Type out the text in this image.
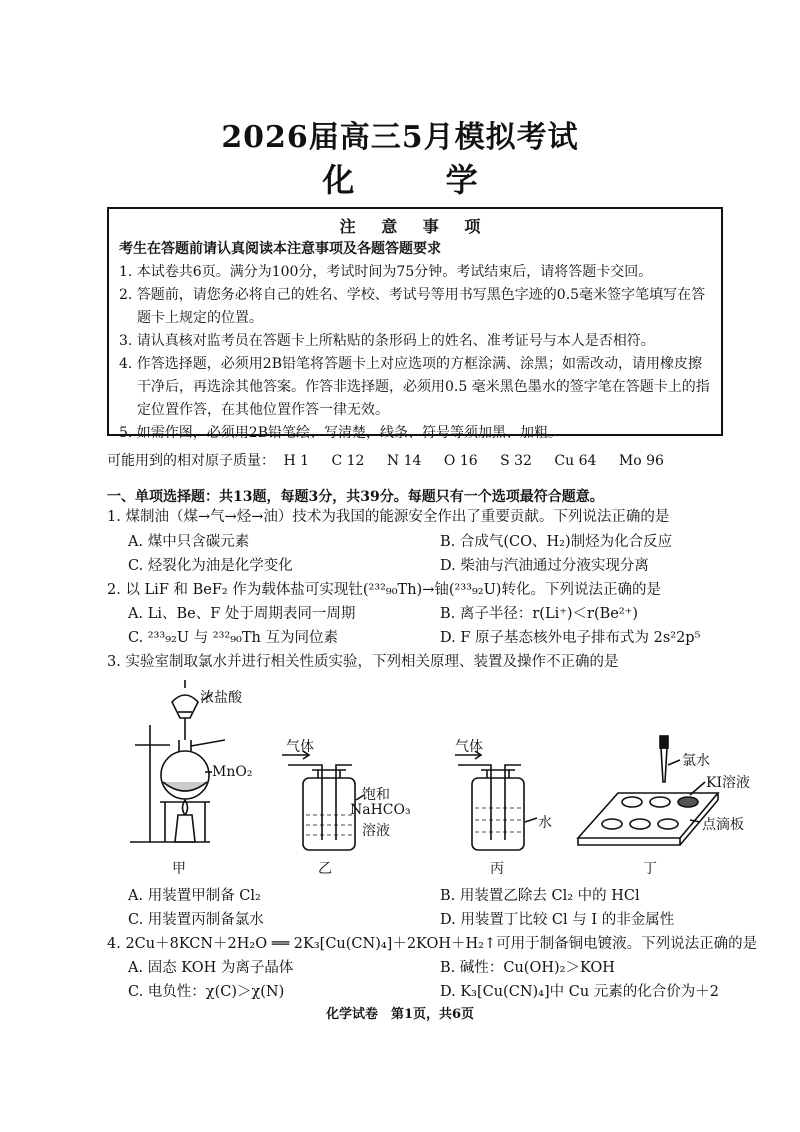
2026届高三5月模拟考试
化 学
注 意 事 项
考生在答题前请认真阅读本注意事项及各题答题要求
1. 本试卷共6页。满分为100分，考试时间为75分钟。考试结束后，请将答题卡交回。
2. 答题前，请您务必将自己的姓名、学校、考试号等用书写黑色字迹的0.5毫米签字笔填写在答题卡上规定的位置。
3. 请认真核对监考员在答题卡上所粘贴的条形码上的姓名、准考证号与本人是否相符。
4. 作答选择题，必须用2B铅笔将答题卡上对应选项的方框涂满、涂黑；如需改动，请用橡皮擦干净后，再选涂其他答案。作答非选择题，必须用0.5 毫米黑色墨水的签字笔在答题卡上的指定位置作答，在其他位置作答一律无效。
5. 如需作图，必须用2B铅笔绘、写清楚，线条、符号等须加黑、加粗。
可能用到的相对原子质量： H 1 C 12 N 14 O 16 S 32 Cu 64 Mo 96
一、单项选择题：共13题，每题3分，共39分。每题只有一个选项最符合题意。
1. 煤制油（煤→气→烃→油）技术为我国的能源安全作出了重要贡献。下列说法正确的是
A. 煤中只含碳元素	B. 合成气(CO、H₂)制烃为化合反应
C. 烃裂化为油是化学变化	D. 柴油与汽油通过分液实现分离
2. 以 LiF 和 BeF₂ 作为载体盐可实现钍(²³²₉₀Th)→铀(²³³₉₂U)转化。下列说法正确的是
A. Li、Be、F 处于周期表同一周期	B. 离子半径：r(Li⁺)＜r(Be²⁺)
C. ²³³₉₂U 与 ²³²₉₀Th 互为同位素	D. F 原子基态核外电子排布式为 2s²2p⁵
3. 实验室制取氯水并进行相关性质实验，下列相关原理、装置及操作不正确的是
浓盐酸
MnO₂
气体
饱和
NaHCO₃
溶液
气体
水
氯水
KI溶液
点滴板
甲	乙	丙	丁
A. 用装置甲制备 Cl₂	B. 用装置乙除去 Cl₂ 中的 HCl
C. 用装置丙制备氯水	D. 用装置丁比较 Cl 与 I 的非金属性
4. 2Cu＋8KCN＋2H₂O ══ 2K₃[Cu(CN)₄]＋2KOH＋H₂↑可用于制备铜电镀液。下列说法正确的是
A. 固态 KOH 为离子晶体	B. 碱性：Cu(OH)₂＞KOH
C. 电负性：χ(C)＞χ(N)	D. K₃[Cu(CN)₄]中 Cu 元素的化合价为＋2
化学试卷　第1页，共6页
